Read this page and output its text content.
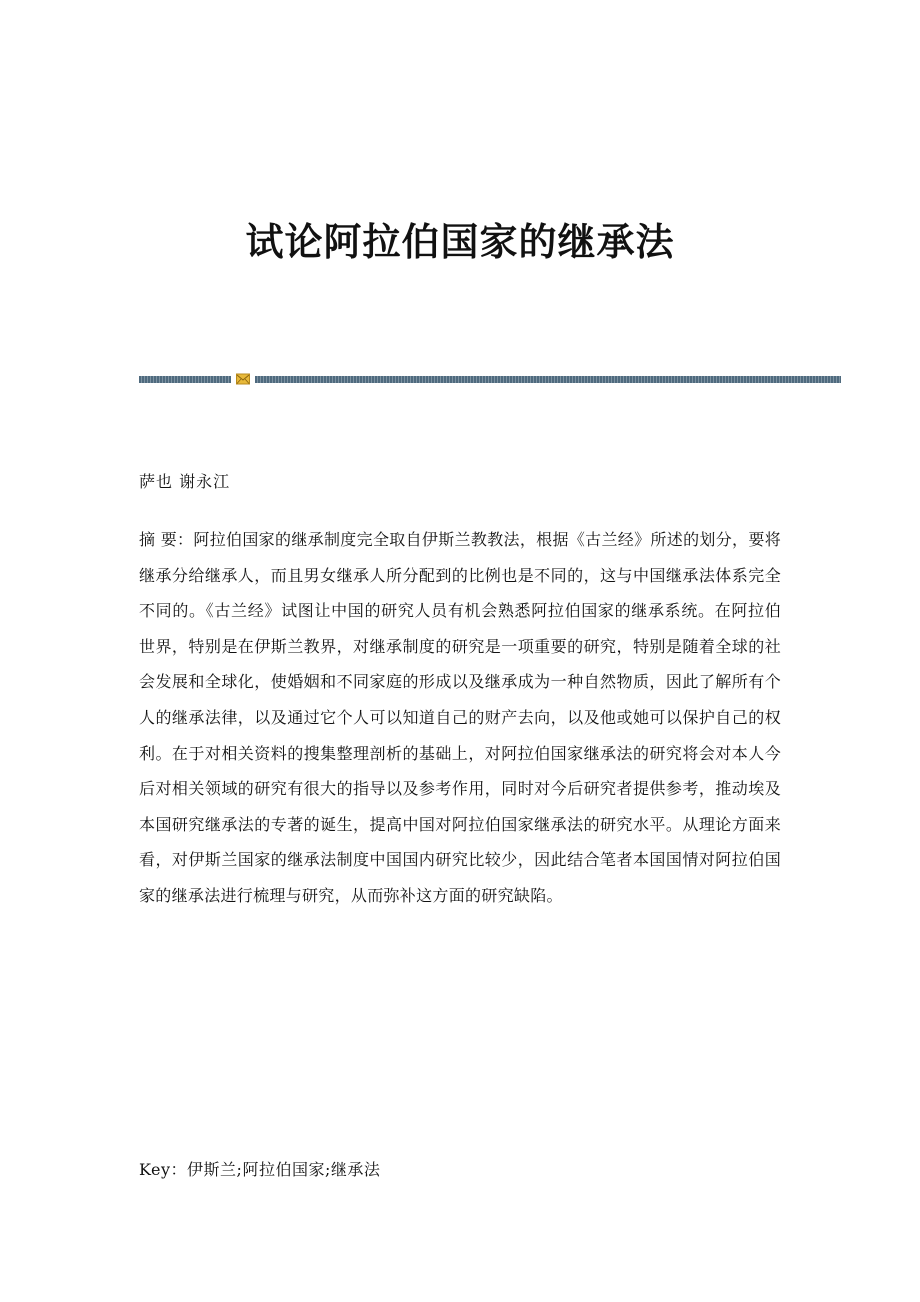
试论阿拉伯国家的继承法
萨也 谢永江

摘 要：阿拉伯国家的继承制度完全取自伊斯兰教教法，根据《古兰经》所述的划分，要将继承分给继承人，而且男女继承人所分配到的比例也是不同的，这与中国继承法体系完全不同的。《古兰经》试图让中国的研究人员有机会熟悉阿拉伯国家的继承系统。在阿拉伯世界，特别是在伊斯兰教界，对继承制度的研究是一项重要的研究，特别是随着全球的社会发展和全球化，使婚姻和不同家庭的形成以及继承成为一种自然物质，因此了解所有个人的继承法律，以及通过它个人可以知道自己的财产去向，以及他或她可以保护自己的权利。在于对相关资料的搜集整理剖析的基础上，对阿拉伯国家继承法的研究将会对本人今后对相关领域的研究有很大的指导以及参考作用，同时对今后研究者提供参考，推动埃及本国研究继承法的专著的诞生，提高中国对阿拉伯国家继承法的研究水平。从理论方面来看，对伊斯兰国家的继承法制度中国国内研究比较少，因此结合笔者本国国情对阿拉伯国家的继承法进行梳理与研究，从而弥补这方面的研究缺陷。

Key：伊斯兰;阿拉伯国家;继承法
